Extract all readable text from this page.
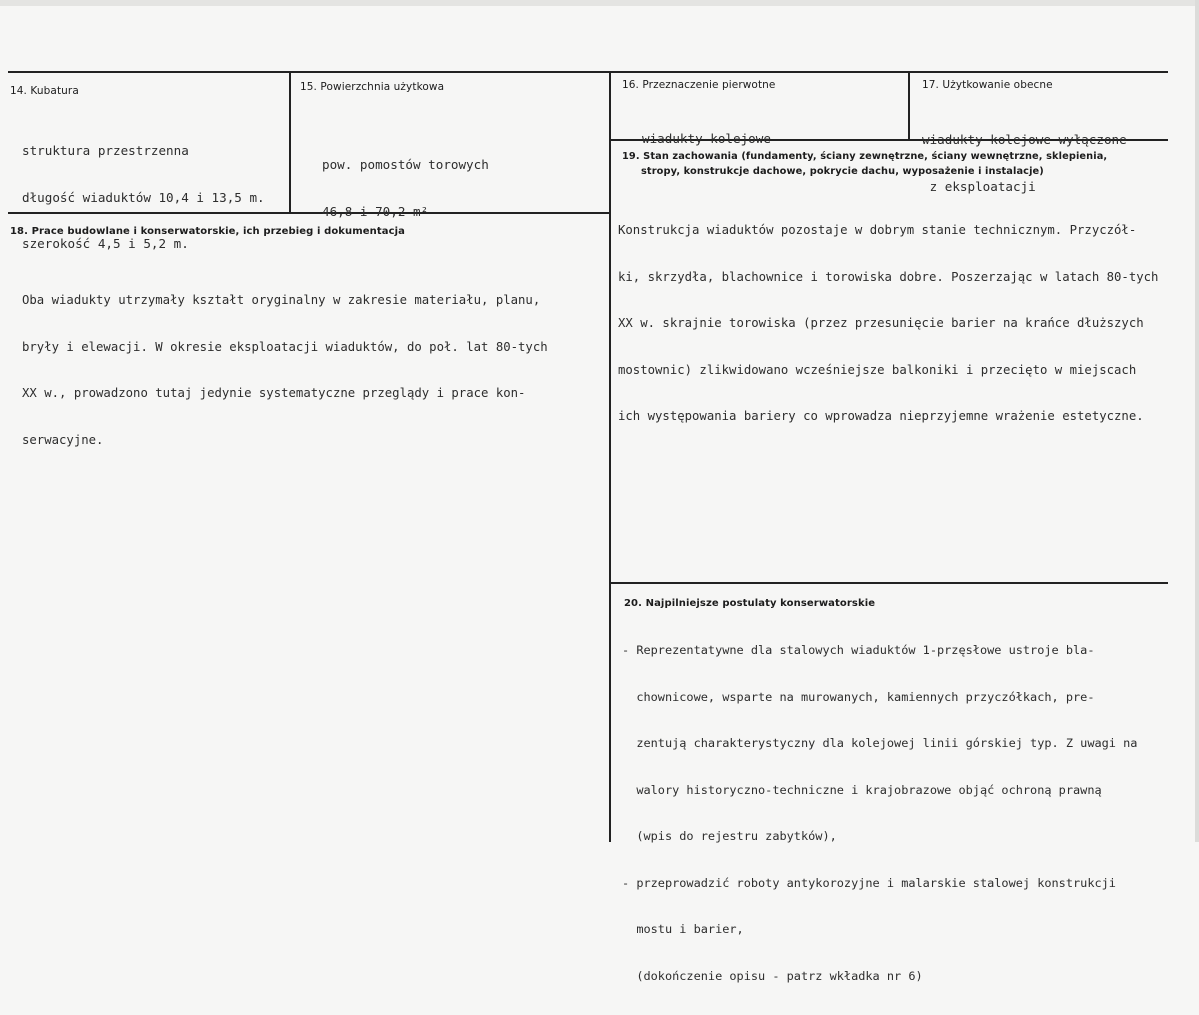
14. Kubatura

struktura przestrzenna

długość wiaduktów 10,4 i 13,5 m.

szerokość 4,5 i 5,2 m.

15. Powierzchnia użytkowa

pow. pomostów torowych

46,8 i 70,2 m²

16. Przeznaczenie pierwotne

wiadukty kolejowe

17. Użytkowanie obecne

wiadukty kolejowe wyłączone

z eksploatacji

18. Prace budowlane i konserwatorskie, ich przebieg i dokumentacja

Oba wiadukty utrzymały kształt oryginalny w zakresie materiału, planu,

bryły i elewacji. W okresie eksploatacji wiaduktów, do poł. lat 80-tych

XX w., prowadzono tutaj jedynie systematyczne przeglądy i prace kon-

serwacyjne.

19. Stan zachowania (fundamenty, ściany zewnętrzne, ściany wewnętrzne, sklepienia,
stropy, konstrukcje dachowe, pokrycie dachu, wyposażenie i instalacje)

Konstrukcja wiaduktów pozostaje w dobrym stanie technicznym. Przyczół-

ki, skrzydła, blachownice i torowiska dobre. Poszerzając w latach 80-tych

XX w. skrajnie torowiska (przez przesunięcie barier na krańce dłuższych

mostownic) zlikwidowano wcześniejsze balkoniki i przecięto w miejscach

ich występowania bariery co wprowadza nieprzyjemne wrażenie estetyczne.

20. Najpilniejsze postulaty konserwatorskie

- Reprezentatywne dla stalowych wiaduktów 1-przęsłowe ustroje bla-

chownicowe, wsparte na murowanych, kamiennych przyczółkach, pre-

zentują charakterystyczny dla kolejowej linii górskiej typ. Z uwagi na

walory historyczno-techniczne i krajobrazowe objąć ochroną prawną

(wpis do rejestru zabytków),

- przeprowadzić roboty antykorozyjne i malarskie stalowej konstrukcji

mostu i barier,

(dokończenie opisu - patrz wkładka nr 6)
